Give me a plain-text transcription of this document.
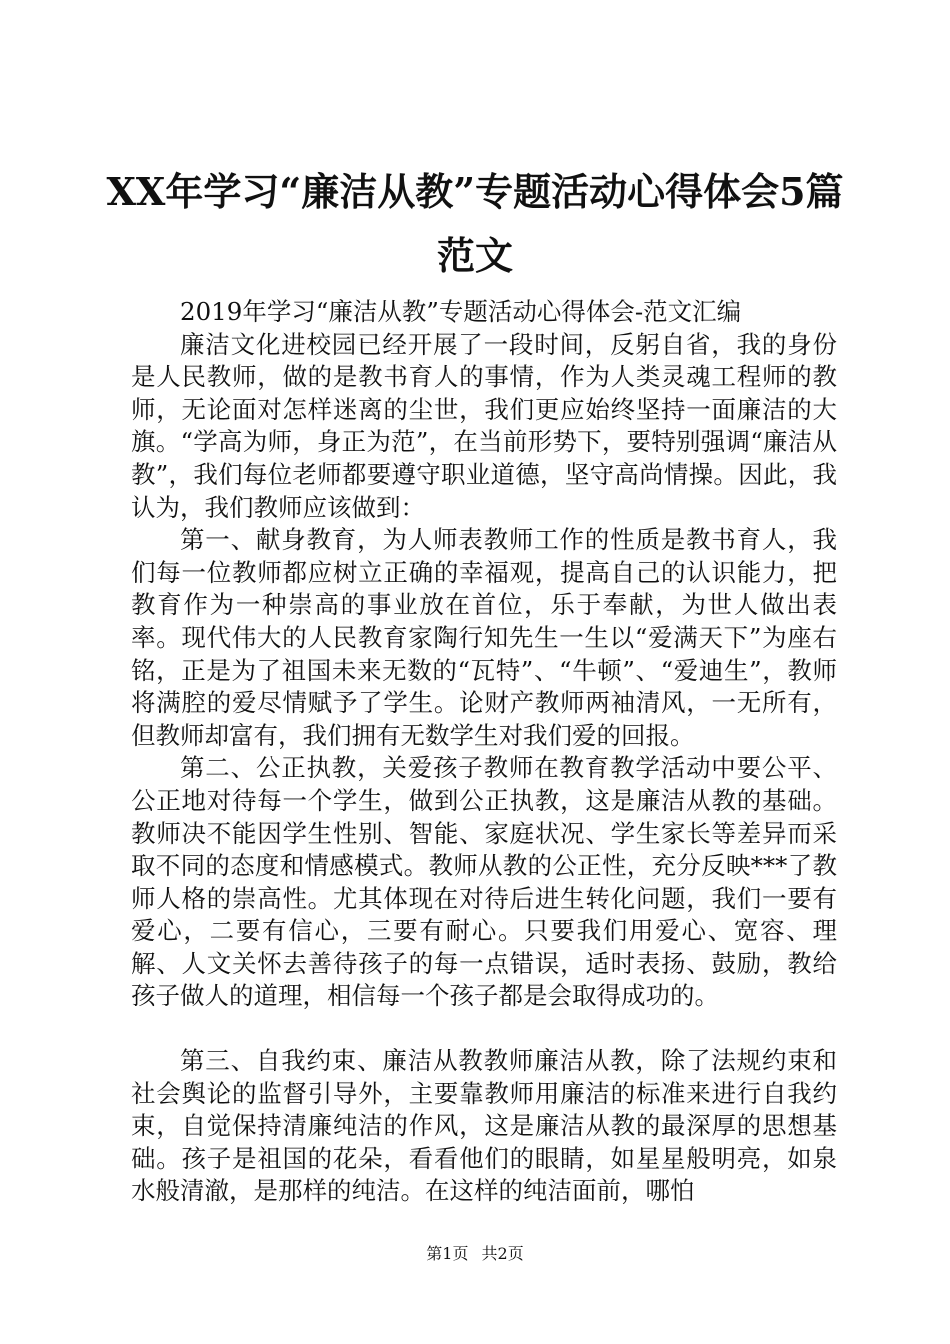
XX年学习“廉洁从教”专题活动心得体会5篇范文

2019年学习“廉洁从教”专题活动心得体会-范文汇编

廉洁文化进校园已经开展了一段时间，反躬自省，我的身份是人民教师，做的是教书育人的事情，作为人类灵魂工程师的教师，无论面对怎样迷离的尘世，我们更应始终坚持一面廉洁的大旗。“学高为师，身正为范”，在当前形势下，要特别强调“廉洁从教”，我们每位老师都要遵守职业道德，坚守高尚情操。因此，我认为，我们教师应该做到：

第一、献身教育，为人师表教师工作的性质是教书育人，我们每一位教师都应树立正确的幸福观，提高自己的认识能力，把教育作为一种崇高的事业放在首位，乐于奉献，为世人做出表率。现代伟大的人民教育家陶行知先生一生以“爱满天下”为座右铭，正是为了祖国未来无数的“瓦特”、“牛顿”、“爱迪生”，教师将满腔的爱尽情赋予了学生。论财产教师两袖清风，一无所有，但教师却富有，我们拥有无数学生对我们爱的回报。

第二、公正执教，关爱孩子教师在教育教学活动中要公平、公正地对待每一个学生，做到公正执教，这是廉洁从教的基础。教师决不能因学生性别、智能、家庭状况、学生家长等差异而采取不同的态度和情感模式。教师从教的公正性，充分反映***了教师人格的崇高性。尤其体现在对待后进生转化问题，我们一要有爱心，二要有信心，三要有耐心。只要我们用爱心、宽容、理解、人文关怀去善待孩子的每一点错误，适时表扬、鼓励，教给孩子做人的道理，相信每一个孩子都是会取得成功的。

第三、自我约束、廉洁从教教师廉洁从教，除了法规约束和社会舆论的监督引导外，主要靠教师用廉洁的标准来进行自我约束，自觉保持清廉纯洁的作风，这是廉洁从教的最深厚的思想基础。孩子是祖国的花朵，看看他们的眼睛，如星星般明亮，如泉水般清澈，是那样的纯洁。在这样的纯洁面前，哪怕

第1页 共2页
